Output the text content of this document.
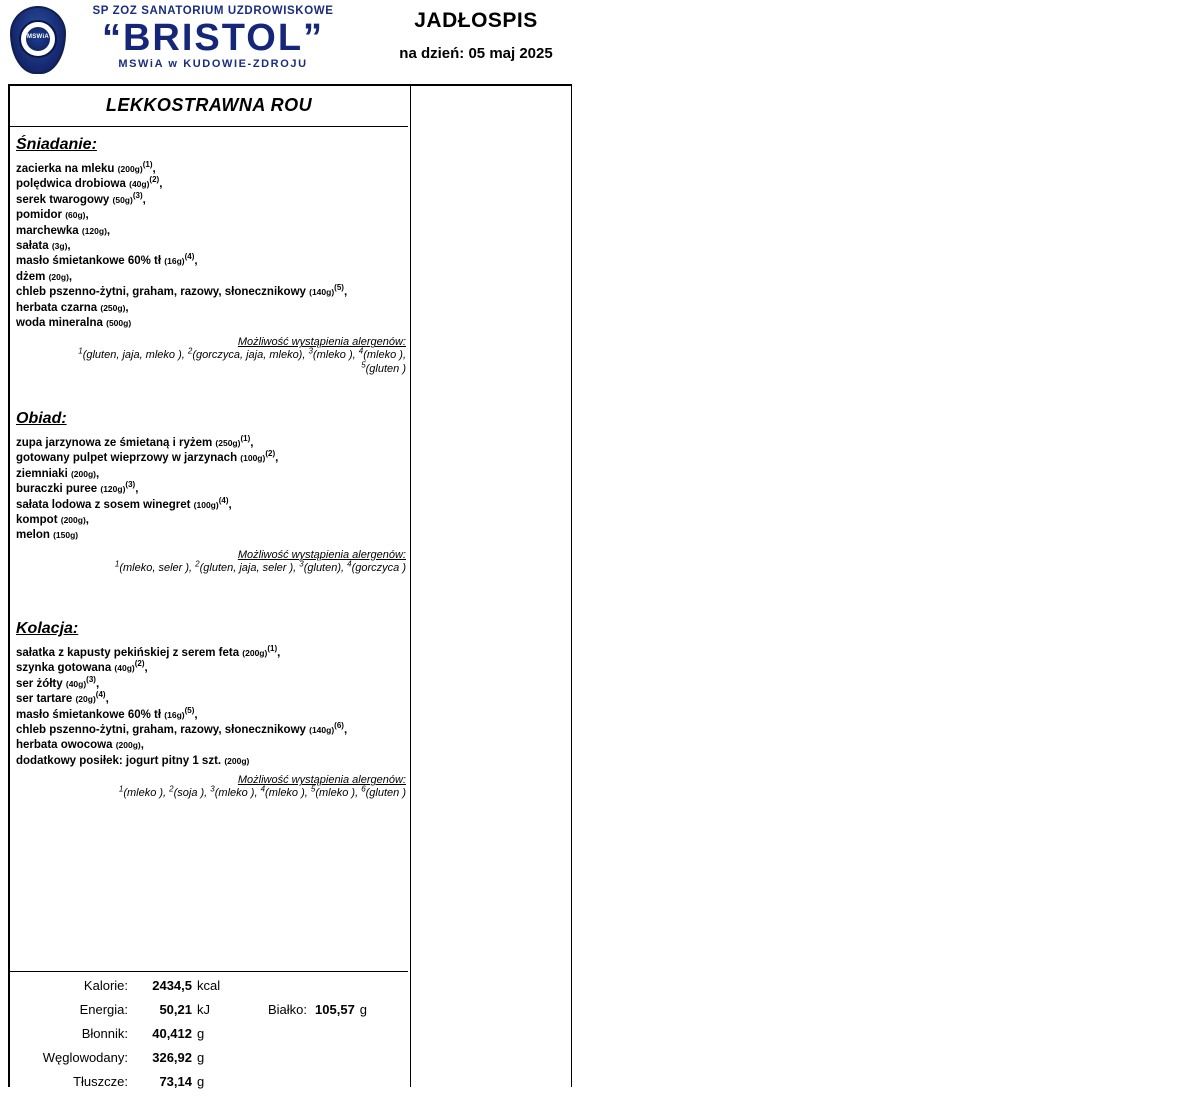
MSWiA
SP ZOZ SANATORIUM UZDROWISKOWE
“BRISTOL”
MSWiA w KUDOWIE-ZDROJU
JADŁOSPIS
na dzień: 05 maj 2025
LEKKOSTRAWNA ROU
Śniadanie:
zacierka na mleku $(200g)^{(1)}$,
polędwica drobiowa $(40g)^{(2)}$,
serek twarogowy $(50g)^{(3)}$,
pomidor (60g),
marchewka (120g),
sałata (3g),
masło śmietankowe 60% tł $(16g)^{(4)}$,
dżem (20g),
chleb pszenno-żytni, graham, razowy, słonecznikowy $(140g)^{(5)}$,
herbata czarna (250g),
woda mineralna (500g)
Możliwość wystąpienia alergenów:
$^1$(gluten, jaja, mleko ), $^2$(gorczyca, jaja, mleko), $^3$(mleko ), $^4$(mleko ),
$^5$(gluten )
Obiad:
zupa jarzynowa ze śmietaną i ryżem $(250g)^{(1)}$,
gotowany pulpet wieprzowy w jarzynach $(100g)^{(2)}$,
ziemniaki (200g),
buraczki puree $(120g)^{(3)}$,
sałata lodowa z sosem winegret $(100g)^{(4)}$,
kompot (200g),
melon (150g)
Możliwość wystąpienia alergenów:
$^1$(mleko, seler ), $^2$(gluten, jaja, seler ), $^3$(gluten), $^4$(gorczyca )
Kolacja:
sałatka z kapusty pekińskiej z serem feta $(200g)^{(1)}$,
szynka gotowana $(40g)^{(2)}$,
ser żółty $(40g)^{(3)}$,
ser tartare $(20g)^{(4)}$,
masło śmietankowe 60% tł $(16g)^{(5)}$,
chleb pszenno-żytni, graham, razowy, słonecznikowy $(140g)^{(6)}$,
herbata owocowa (200g),
dodatkowy posiłek: jogurt pitny 1 szt. (200g)
Możliwość wystąpienia alergenów:
$^1$(mleko ), $^2$(soja ), $^3$(mleko ), $^4$(mleko ), $^5$(mleko ), $^6$(gluten )
Kalorie:	2434,5 kcal
Energia:	50,21 kJ	Białko: 105,57 g
Błonnik:	40,412 g
Węglowodany:	326,92 g
Tłuszcze:	73,14 g
